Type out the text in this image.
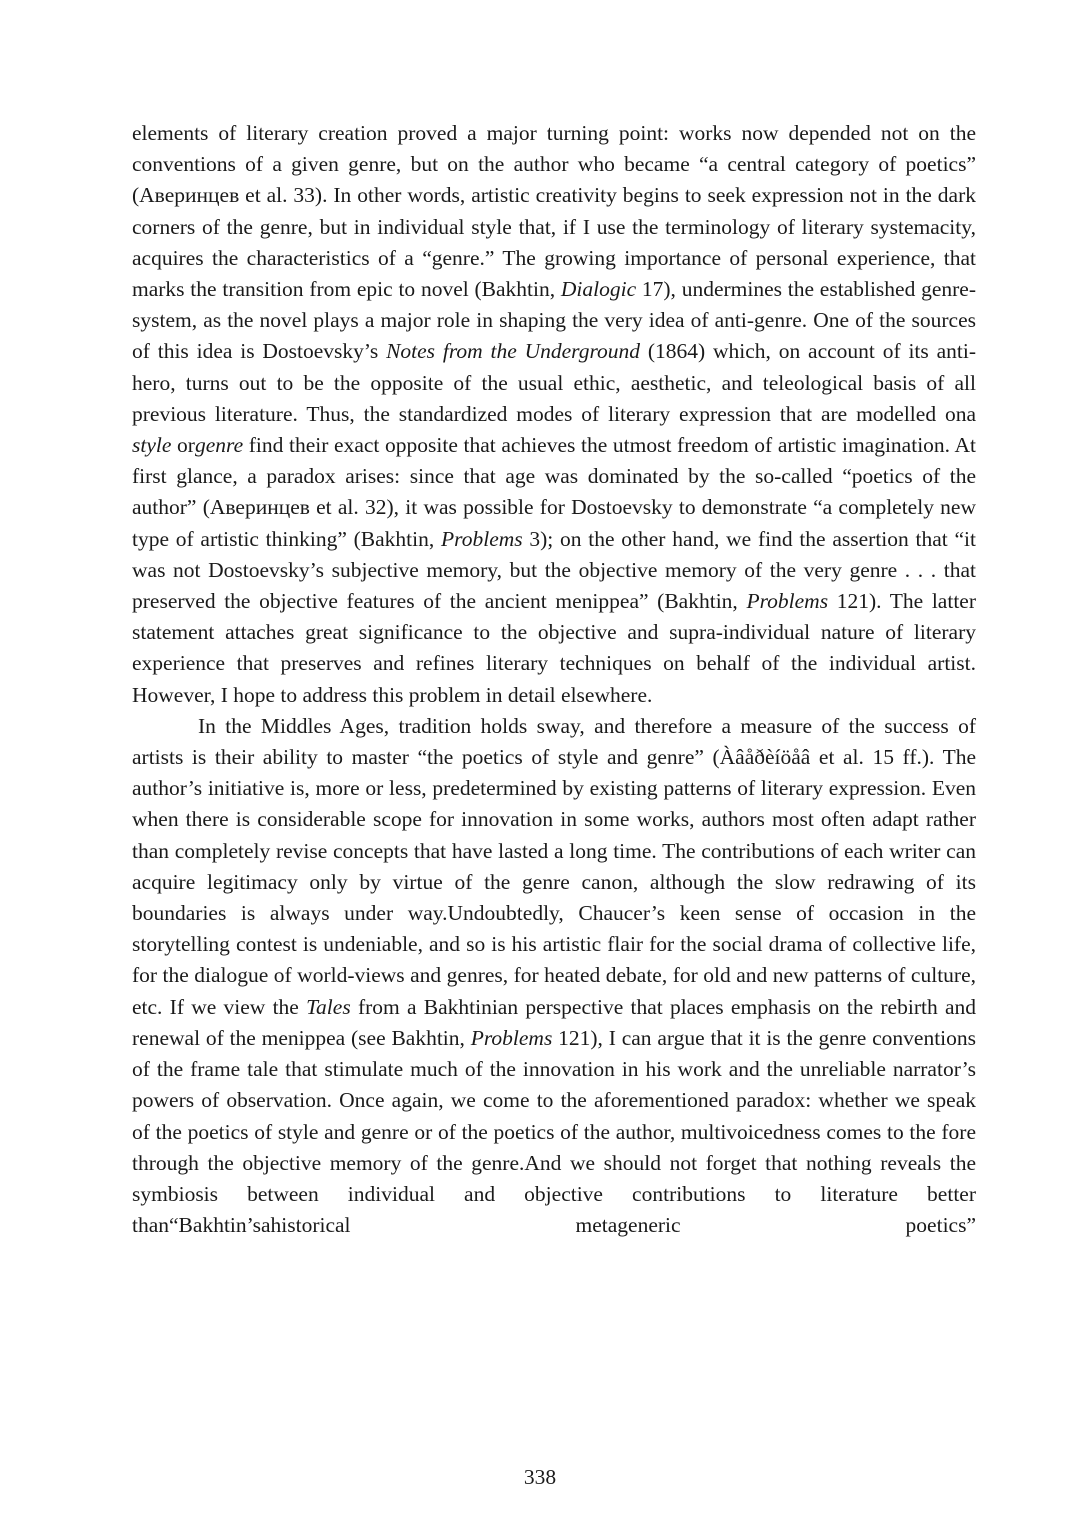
elements of literary creation proved a major turning point: works now depended not on the conventions of a given genre, but on the author who became “a central category of poetics” (Аверинцев et al. 33). In other words, artistic creativity begins to seek expression not in the dark corners of the genre, but in individual style that, if I use the terminology of literary systemacity, acquires the characteristics of a “genre.” The growing importance of personal experience, that marks the transition from epic to novel (Bakhtin, Dialogic 17), undermines the established genre-system, as the novel plays a major role in shaping the very idea of anti-genre. One of the sources of this idea is Dostoevsky’s Notes from the Underground (1864) which, on account of its anti-hero, turns out to be the opposite of the usual ethic, aesthetic, and teleological basis of all previous literature. Thus, the standardized modes of literary expression that are modelled ona style orgenre find their exact opposite that achieves the utmost freedom of artistic imagination. At first glance, a paradox arises: since that age was dominated by the so-called “poetics of the author” (Аверинцев et al. 32), it was possible for Dostoevsky to demonstrate “a completely new type of artistic thinking” (Bakhtin, Problems 3); on the other hand, we find the assertion that “it was not Dostoevsky’s subjective memory, but the objective memory of the very genre . . . that preserved the objective features of the ancient menippea” (Bakhtin, Problems 121). The latter statement attaches great significance to the objective and supra-individual nature of literary experience that preserves and refines literary techniques on behalf of the individual artist. However, I hope to address this problem in detail elsewhere.

In the Middles Ages, tradition holds sway, and therefore a measure of the success of artists is their ability to master “the poetics of style and genre” (Àâåðèíöåâ et al. 15 ff.). The author’s initiative is, more or less, predetermined by existing patterns of literary expression. Even when there is considerable scope for innovation in some works, authors most often adapt rather than completely revise concepts that have lasted a long time. The contributions of each writer can acquire legitimacy only by virtue of the genre canon, although the slow redrawing of its boundaries is always under way.Undoubtedly, Chaucer’s keen sense of occasion in the storytelling contest is undeniable, and so is his artistic flair for the social drama of collective life, for the dialogue of world-views and genres, for heated debate, for old and new patterns of culture, etc. If we view the Tales from a Bakhtinian perspective that places emphasis on the rebirth and renewal of the menippea (see Bakhtin, Problems 121), I can argue that it is the genre conventions of the frame tale that stimulate much of the innovation in his work and the unreliable narrator’s powers of observation. Once again, we come to the aforementioned paradox: whether we speak of the poetics of style and genre or of the poetics of the author, multivoicedness comes to the fore through the objective memory of the genre.And we should not forget that nothing reveals the symbiosis between individual and objective contributions to literature better than“Bakhtin’sahistorical metageneric poetics”

338
